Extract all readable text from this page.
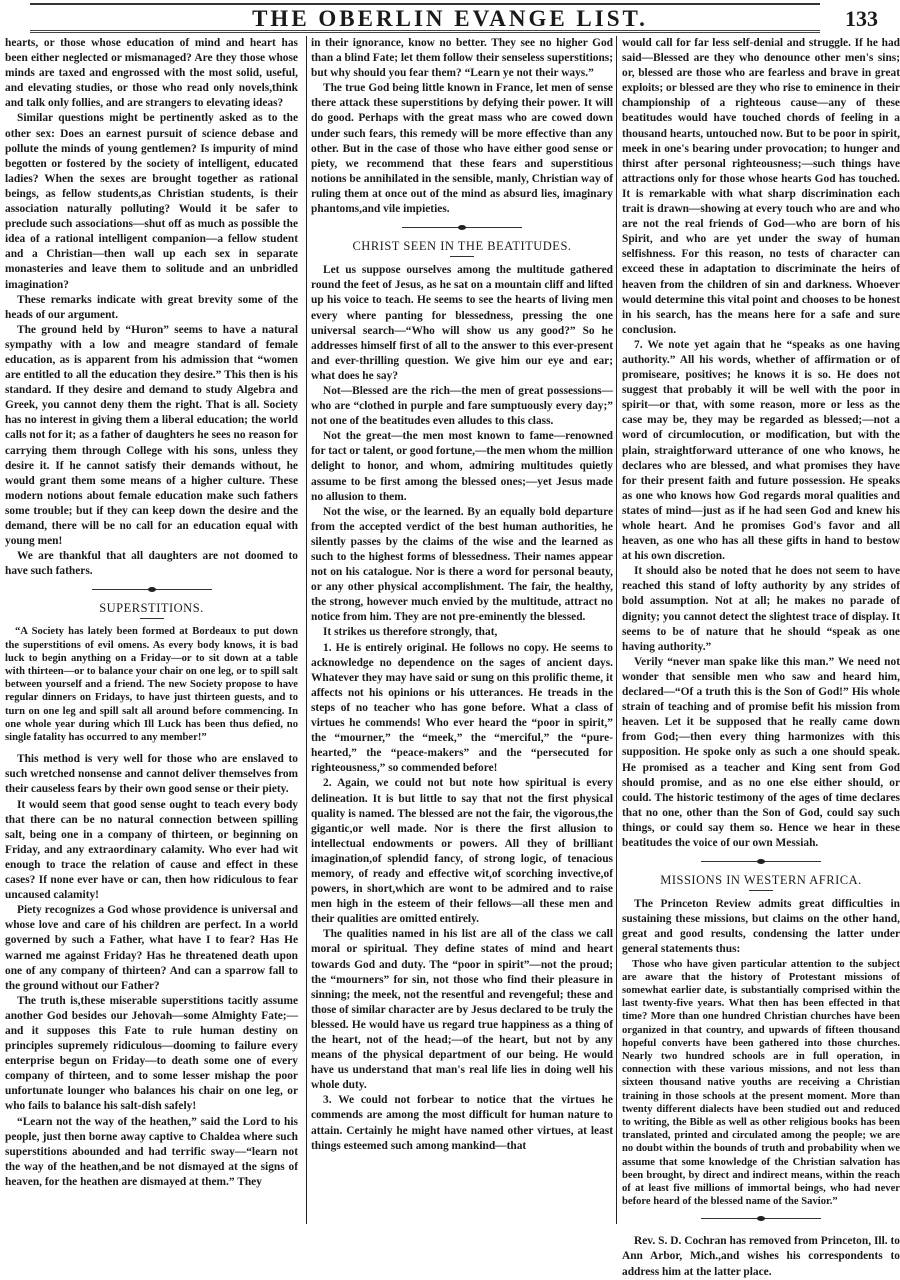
THE OBERLIN EVANGE LIST.	133

hearts, or those whose education of mind and heart has been either neglected or mismanaged? Are they those whose minds are taxed and engrossed with the most solid, useful, and elevating studies, or those who read only novels,think and talk only follies, and are strangers to elevating ideas?

Similar questions might be pertinently asked as to the other sex: Does an earnest pursuit of science debase and pollute the minds of young gentlemen? Is impurity of mind begotten or fostered by the society of intelligent, educated ladies? When the sexes are brought together as rational beings, as fellow students,as Christian students, is their association naturally polluting? Would it be safer to preclude such associations—shut off as much as possible the idea of a rational intelligent companion—a fellow student and a Christian—then wall up each sex in separate monasteries and leave them to solitude and an unbridled imagination?

These remarks indicate with great brevity some of the heads of our argument.

The ground held by “Huron” seems to have a natural sympathy with a low and meagre standard of female education, as is apparent from his admission that “women are entitled to all the education they desire.” This then is his standard. If they desire and demand to study Algebra and Greek, you cannot deny them the right. That is all. Society has no interest in giving them a liberal education; the world calls not for it; as a father of daughters he sees no reason for carrying them through College with his sons, unless they desire it. If he cannot satisfy their demands without, he would grant them some means of a higher culture. These modern notions about female education make such fathers some trouble; but if they can keep down the desire and the demand, there will be no call for an education equal with young men!

We are thankful that all daughters are not doomed to have such fathers.

SUPERSTITIONS.

“A Society has lately been formed at Bordeaux to put down the superstitions of evil omens. As every body knows, it is bad luck to begin anything on a Friday—or to sit down at a table with thirteen—or to balance your chair on one leg, or to spill salt between yourself and a friend. The new Society propose to have regular dinners on Fridays, to have just thirteen guests, and to turn on one leg and spill salt all around before commencing. In one whole year during which Ill Luck has been thus defied, no single fatality has occurred to any member!”

This method is very well for those who are enslaved to such wretched nonsense and cannot deliver themselves from their causeless fears by their own good sense or their piety.

It would seem that good sense ought to teach every body that there can be no natural connection between spilling salt, being one in a company of thirteen, or beginning on Friday, and any extraordinary calamity. Who ever had wit enough to trace the relation of cause and effect in these cases? If none ever have or can, then how ridiculous to fear uncaused calamity!

Piety recognizes a God whose providence is universal and whose love and care of his children are perfect. In a world governed by such a Father, what have I to fear? Has He warned me against Friday? Has he threatened death upon one of any company of thirteen? And can a sparrow fall to the ground without our Father?

The truth is,these miserable superstitions tacitly assume another God besides our Jehovah—some Almighty Fate;—and it supposes this Fate to rule human destiny on principles supremely ridiculous—dooming to failure every enterprise begun on Friday—to death some one of every company of thirteen, and to some lesser mishap the poor unfortunate lounger who balances his chair on one leg, or who fails to balance his salt-dish safely!

“Learn not the way of the heathen,” said the Lord to his people, just then borne away captive to Chaldea where such superstitions abounded and had terrific sway—“learn not the way of the heathen,and be not dismayed at the signs of heaven, for the heathen are dismayed at them.” They

in their ignorance, know no better. They see no higher God than a blind Fate; let them follow their senseless superstitions; but why should you fear them? “Learn ye not their ways.”

The true God being little known in France, let men of sense there attack these superstitions by defying their power. It will do good. Perhaps with the great mass who are cowed down under such fears, this remedy will be more effective than any other. But in the case of those who have either good sense or piety, we recommend that these fears and superstitious notions be annihilated in the sensible, manly, Christian way of ruling them at once out of the mind as absurd lies, imaginary phantoms,and vile impieties.

CHRIST SEEN IN THE BEATITUDES.

Let us suppose ourselves among the multitude gathered round the feet of Jesus, as he sat on a mountain cliff and lifted up his voice to teach. He seems to see the hearts of living men every where panting for blessedness, pressing the one universal search—“Who will show us any good?” So he addresses himself first of all to the answer to this ever-present and ever-thrilling question. We give him our eye and ear; what does he say?

Not—Blessed are the rich—the men of great possessions—who are “clothed in purple and fare sumptuously every day;” not one of the beatitudes even alludes to this class.

Not the great—the men most known to fame—renowned for tact or talent, or good fortune,—the men whom the million delight to honor, and whom, admiring multitudes quietly assume to be first among the blessed ones;—yet Jesus made no allusion to them.

Not the wise, or the learned. By an equally bold departure from the accepted verdict of the best human authorities, he silently passes by the claims of the wise and the learned as such to the highest forms of blessedness. Their names appear not on his catalogue. Nor is there a word for personal beauty, or any other physical accomplishment. The fair, the healthy, the strong, however much envied by the multitude, attract no notice from him. They are not pre-eminently the blessed.

It strikes us therefore strongly, that,

1. He is entirely original. He follows no copy. He seems to acknowledge no dependence on the sages of ancient days. Whatever they may have said or sung on this prolific theme, it affects not his opinions or his utterances. He treads in the steps of no teacher who has gone before. What a class of virtues he commends! Who ever heard the “poor in spirit,” the “mourner,” the “meek,” the “merciful,” the “pure-hearted,” the “peace-makers” and the “persecuted for righteousness,” so commended before!

2. Again, we could not but note how spiritual is every delineation. It is but little to say that not the first physical quality is named. The blessed are not the fair, the vigorous,the gigantic,or well made. Nor is there the first allusion to intellectual endowments or powers. All they of brilliant imagination,of splendid fancy, of strong logic, of tenacious memory, of ready and effective wit,of scorching invective,of powers, in short,which are wont to be admired and to raise men high in the esteem of their fellows—all these men and their qualities are omitted entirely.

The qualities named in his list are all of the class we call moral or spiritual. They define states of mind and heart towards God and duty. The “poor in spirit”—not the proud; the “mourners” for sin, not those who find their pleasure in sinning; the meek, not the resentful and revengeful; these and those of similar character are by Jesus declared to be truly the blessed. He would have us regard true happiness as a thing of the heart, not of the head;—of the heart, but not by any means of the physical department of our being. He would have us understand that man's real life lies in doing well his whole duty.

3. We could not forbear to notice that the virtues he commends are among the most difficult for human nature to attain. Certainly he might have named other virtues, at least things esteemed such among mankind—that

would call for far less self-denial and struggle. If he had said—Blessed are they who denounce other men's sins; or, blessed are those who are fearless and brave in great exploits; or blessed are they who rise to eminence in their championship of a righteous cause—any of these beatitudes would have touched chords of feeling in a thousand hearts, untouched now. But to be poor in spirit, meek in one's bearing under provocation; to hunger and thirst after personal righteousness;—such things have attractions only for those whose hearts God has touched. It is remarkable with what sharp discrimination each trait is drawn—showing at every touch who are and who are not the real friends of God—who are born of his Spirit, and who are yet under the sway of human selfishness. For this reason, no tests of character can exceed these in adaptation to discriminate the heirs of heaven from the children of sin and darkness. Whoever would determine this vital point and chooses to be honest in his search, has the means here for a safe and sure conclusion.

7. We note yet again that he “speaks as one having authority.” All his words, whether of affirmation or of promiseare, positives; he knows it is so. He does not suggest that probably it will be well with the poor in spirit—or that, with some reason, more or less as the case may be, they may be regarded as blessed;—not a word of circumlocution, or modification, but with the plain, straightforward utterance of one who knows, he declares who are blessed, and what promises they have for their present faith and future possession. He speaks as one who knows how God regards moral qualities and states of mind—just as if he had seen God and knew his whole heart. And he promises God's favor and all heaven, as one who has all these gifts in hand to bestow at his own discretion.

It should also be noted that he does not seem to have reached this stand of lofty authority by any strides of bold assumption. Not at all; he makes no parade of dignity; you cannot detect the slightest trace of display. It seems to be of nature that he should “speak as one having authority.”

Verily “never man spake like this man.” We need not wonder that sensible men who saw and heard him, declared—“Of a truth this is the Son of God!” His whole strain of teaching and of promise befit his mission from heaven. Let it be supposed that he really came down from God;—then every thing harmonizes with this supposition. He spoke only as such a one should speak. He promised as a teacher and King sent from God should promise, and as no one else either should, or could. The historic testimony of the ages of time declares that no one, other than the Son of God, could say such things, or could say them so. Hence we hear in these beatitudes the voice of our own Messiah.

MISSIONS IN WESTERN AFRICA.

The Princeton Review admits great difficulties in sustaining these missions, but claims on the other hand, great and good results, condensing the latter under general statements thus:

Those who have given particular attention to the subject are aware that the history of Protestant missions of somewhat earlier date, is substantially comprised within the last twenty-five years. What then has been effected in that time? More than one hundred Christian churches have been organized in that country, and upwards of fifteen thousand hopeful converts have been gathered into those churches. Nearly two hundred schools are in full operation, in connection with these various missions, and not less than sixteen thousand native youths are receiving a Christian training in those schools at the present moment. More than twenty different dialects have been studied out and reduced to writing, the Bible as well as other religious books has been translated, printed and circulated among the people; we are no doubt within the bounds of truth and probability when we assume that some knowledge of the Christian salvation has been brought, by direct and indirect means, within the reach of at least five millions of immortal beings, who had never before heard of the blessed name of the Savior.”

Rev. S. D. Cochran has removed from Princeton, Ill. to Ann Arbor, Mich.,and wishes his correspondents to address him at the latter place.
